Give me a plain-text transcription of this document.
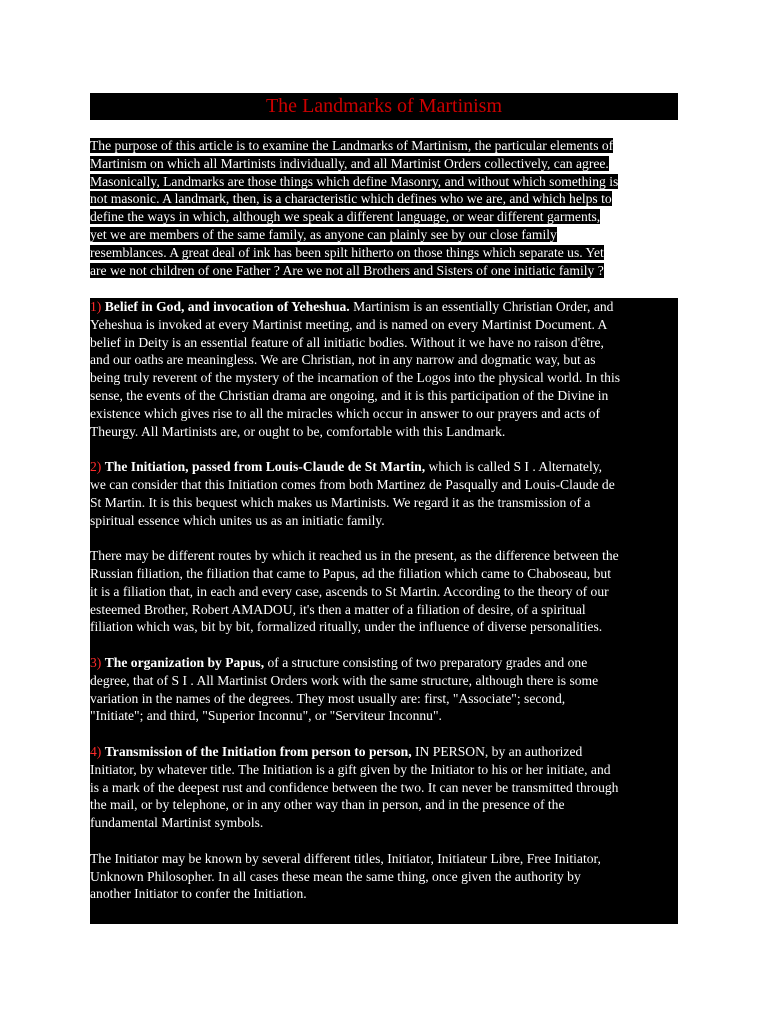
The Landmarks of Martinism
The purpose of this article is to examine the Landmarks of Martinism, the particular elements of
Martinism on which all Martinists individually, and all Martinist Orders collectively, can agree.
Masonically, Landmarks are those things which define Masonry, and without which something is
not masonic. A landmark, then, is a characteristic which defines who we are, and which helps to
define the ways in which, although we speak a different language, or wear different garments,
yet we are members of the same family, as anyone can plainly see by our close family
resemblances. A great deal of ink has been spilt hitherto on those things which separate us. Yet
are we not children of one Father ? Are we not all Brothers and Sisters of one initiatic family ?
1) Belief in God, and invocation of Yeheshua. Martinism is an essentially Christian Order, and
Yeheshua is invoked at every Martinist meeting, and is named on every Martinist Document. A
belief in Deity is an essential feature of all initiatic bodies. Without it we have no raison d'être,
and our oaths are meaningless. We are Christian, not in any narrow and dogmatic way, but as
being truly reverent of the mystery of the incarnation of the Logos into the physical world. In this
sense, the events of the Christian drama are ongoing, and it is this participation of the Divine in
existence which gives rise to all the miracles which occur in answer to our prayers and acts of
Theurgy. All Martinists are, or ought to be, comfortable with this Landmark.
2) The Initiation, passed from Louis-Claude de St Martin, which is called S I . Alternately,
we can consider that this Initiation comes from both Martinez de Pasqually and Louis-Claude de
St Martin. It is this bequest which makes us Martinists. We regard it as the transmission of a
spiritual essence which unites us as an initiatic family.
There may be different routes by which it reached us in the present, as the difference between the
Russian filiation, the filiation that came to Papus, ad the filiation which came to Chaboseau, but
it is a filiation that, in each and every case, ascends to St Martin. According to the theory of our
esteemed Brother, Robert AMADOU, it's then a matter of a filiation of desire, of a spiritual
filiation which was, bit by bit, formalized ritually, under the influence of diverse personalities.
3) The organization by Papus, of a structure consisting of two preparatory grades and one
degree, that of S I . All Martinist Orders work with the same structure, although there is some
variation in the names of the degrees. They most usually are: first, "Associate"; second,
"Initiate"; and third, "Superior Inconnu", or "Serviteur Inconnu".
4) Transmission of the Initiation from person to person, IN PERSON, by an authorized
Initiator, by whatever title. The Initiation is a gift given by the Initiator to his or her initiate, and
is a mark of the deepest rust and confidence between the two. It can never be transmitted through
the mail, or by telephone, or in any other way than in person, and in the presence of the
fundamental Martinist symbols.
The Initiator may be known by several different titles, Initiator, Initiateur Libre, Free Initiator,
Unknown Philosopher. In all cases these mean the same thing, once given the authority by
another Initiator to confer the Initiation.
